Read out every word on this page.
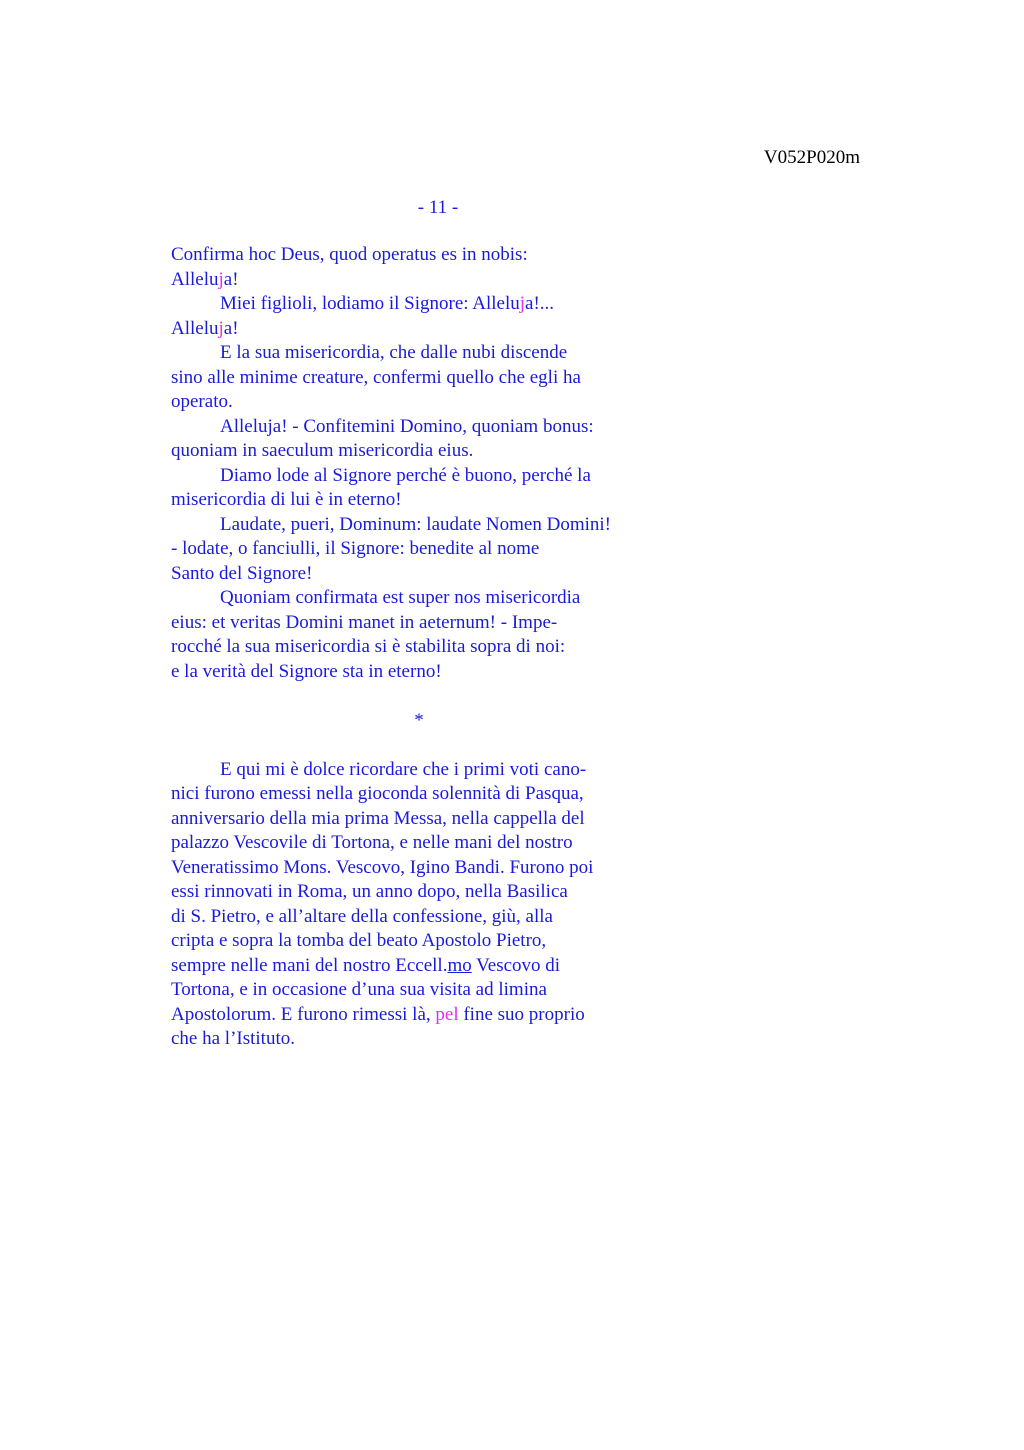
V052P020m
- 11 -
Confirma hoc Deus, quod operatus es in nobis:
Alleluja!
Miei figlioli, lodiamo il Signore: Alleluja!...
Alleluja!
E la sua misericordia, che dalle nubi discende
sino alle minime creature, confermi quello che egli ha
operato.
Alleluja! - Confitemini Domino, quoniam bonus:
quoniam in saeculum misericordia eius.
Diamo lode al Signore perché è buono, perché la
misericordia di lui è in eterno!
Laudate, pueri, Dominum: laudate Nomen Domini!
- lodate, o fanciulli, il Signore: benedite al nome
Santo del Signore!
Quoniam confirmata est super nos misericordia
eius: et veritas Domini manet in aeternum! - Impe-
rocché la sua misericordia si è stabilita sopra di noi:
e la verità del Signore sta in eterno!
*
E qui mi è dolce ricordare che i primi voti cano-
nici furono emessi nella gioconda solennità di Pasqua,
anniversario della mia prima Messa, nella cappella del
palazzo Vescovile di Tortona, e nelle mani del nostro
Veneratissimo Mons. Vescovo, Igino Bandi. Furono poi
essi rinnovati in Roma, un anno dopo, nella Basilica
di S. Pietro, e all’altare della confessione, giù, alla
cripta e sopra la tomba del beato Apostolo Pietro,
sempre nelle mani del nostro Eccell.mo Vescovo di
Tortona, e in occasione d’una sua visita ad limina
Apostolorum. E furono rimessi là, pel fine suo proprio
che ha l’Istituto.
